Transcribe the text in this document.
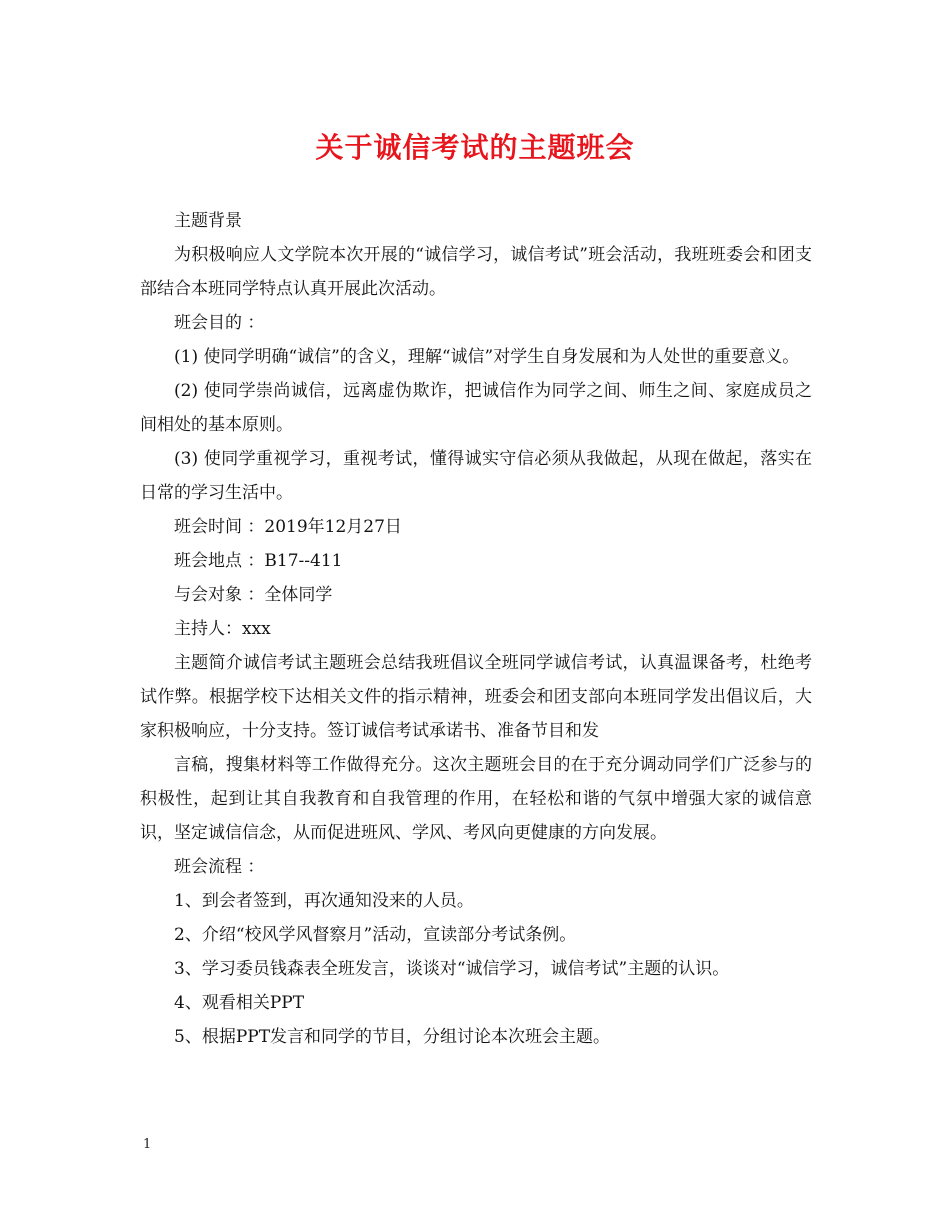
关于诚信考试的主题班会

主题背景

为积极响应人文学院本次开展的“诚信学习，诚信考试”班会活动，我班班委会和团支部结合本班同学特点认真开展此次活动。

班会目的 ：

(1) 使同学明确“诚信”的含义，理解“诚信”对学生自身发展和为人处世的重要意义。

(2) 使同学崇尚诚信，远离虚伪欺诈，把诚信作为同学之间、师生之间、家庭成员之间相处的基本原则。

(3) 使同学重视学习，重视考试，懂得诚实守信必须从我做起，从现在做起，落实在日常的学习生活中。

班会时间 ：2019年12月27日

班会地点 ：B17--411

与会对象 ：全体同学

主持人：xxx

主题简介诚信考试主题班会总结我班倡议全班同学诚信考试，认真温课备考，杜绝考试作弊。根据学校下达相关文件的指示精神，班委会和团支部向本班同学发出倡议后，大家积极响应，十分支持。签订诚信考试承诺书、准备节目和发

言稿，搜集材料等工作做得充分。这次主题班会目的在于充分调动同学们广泛参与的积极性，起到让其自我教育和自我管理的作用，在轻松和谐的气氛中增强大家的诚信意识，坚定诚信信念，从而促进班风、学风、考风向更健康的方向发展。

班会流程 ：

1、到会者签到，再次通知没来的人员。

2、介绍“校风学风督察月”活动，宣读部分考试条例。

3、学习委员钱森表全班发言，谈谈对“诚信学习，诚信考试”主题的认识。

4、观看相关PPT

5、根据PPT发言和同学的节目，分组讨论本次班会主题。

1
